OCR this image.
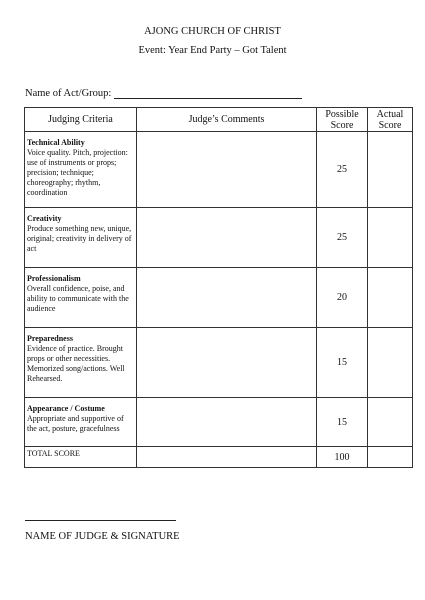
AJONG CHURCH OF CHRIST
Event: Year End Party – Got Talent
Name of Act/Group:
Judging Criteria	Judge’s Comments	Possible Score	Actual Score

Technical Ability
Voice quality. Pitch, projection: use of instruments or props; precision; technique; choreography; rhythm, coordination		25	

Creativity
Produce something new, unique, original; creativity in delivery of act		25	

Professionalism
Overall confidence, poise, and ability to communicate with the audience		20	

Preparedness
Evidence of practice. Brought props or other necessities. Memorized song/actions. Well Rehearsed.		15	

Appearance / Costume
Appropriate and supportive of the act, posture, gracefulness		15	
TOTAL SCORE		100	
NAME OF JUDGE & SIGNATURE
